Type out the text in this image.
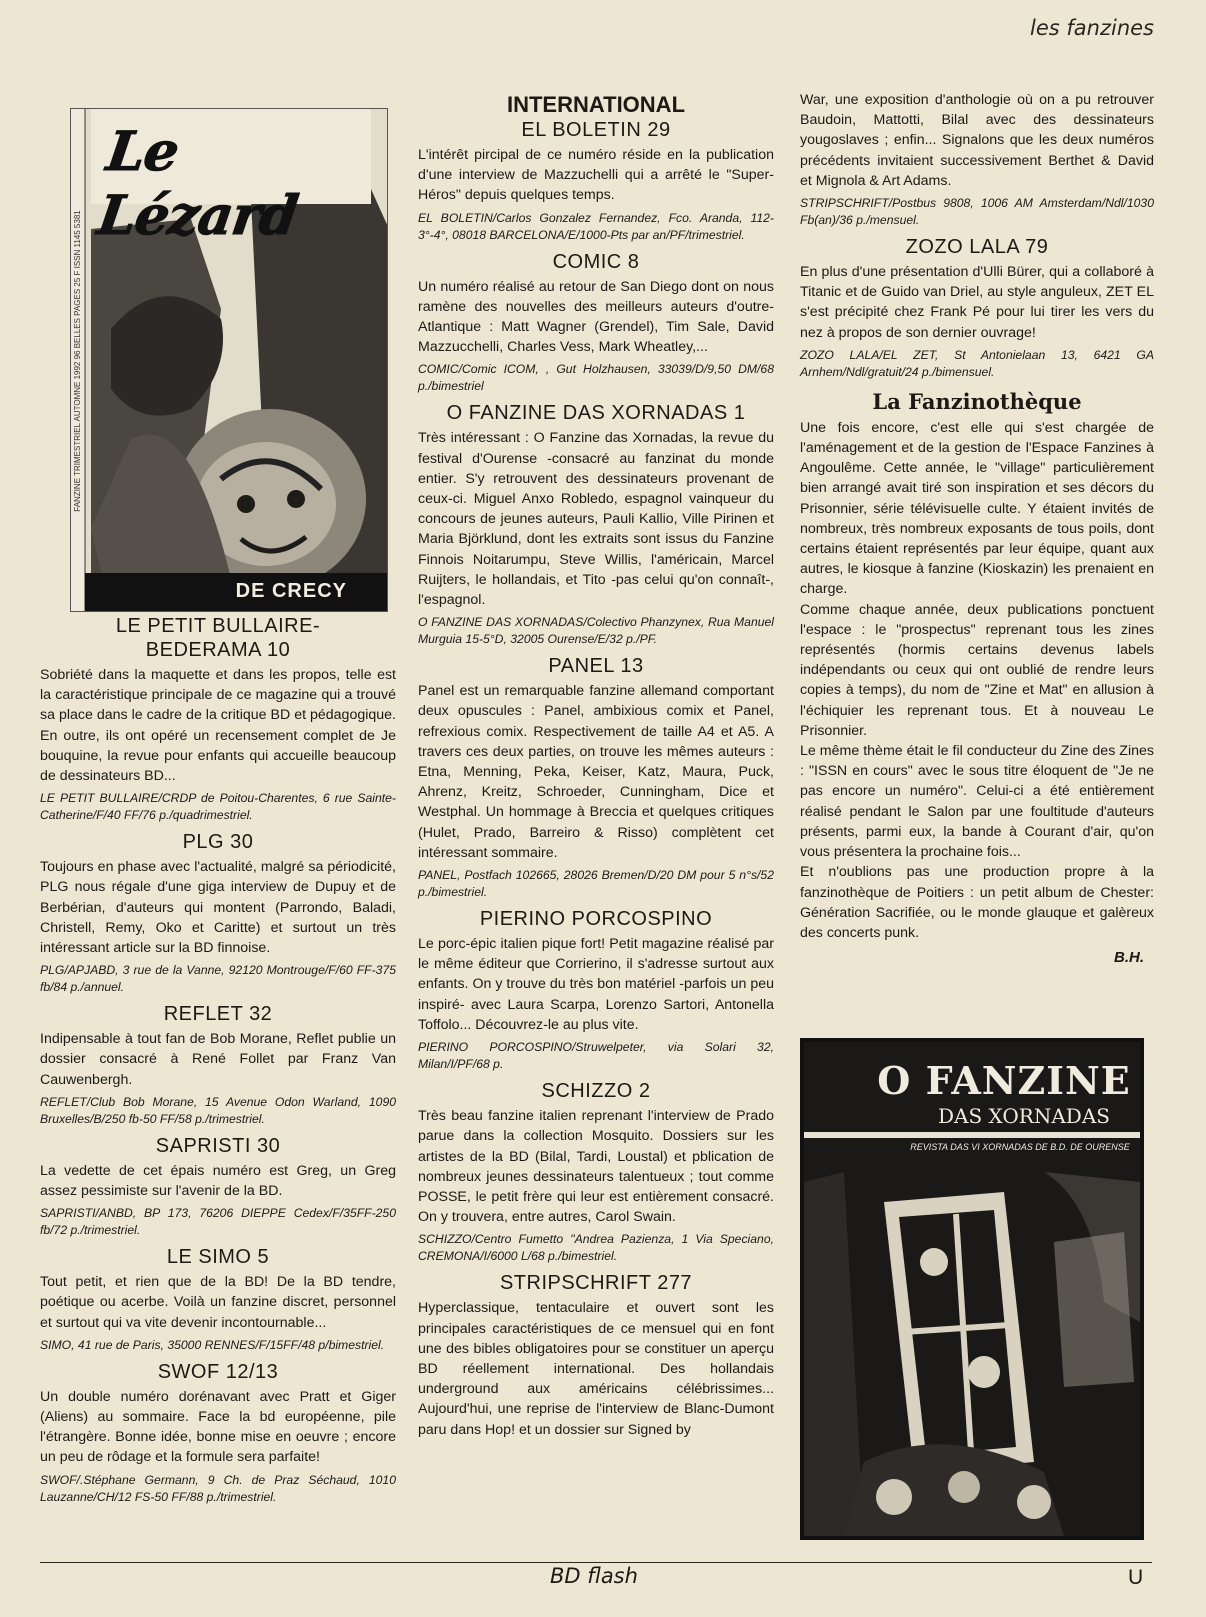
les fanzines
Le Lézard
DE CRECY
FANZINE TRIMESTRIEL AUTOMNE 1992 96 BELLES PAGES 25 F ISSN 1145 5381
LE PETIT BULLAIRE-
BEDERAMA 10

Sobriété dans la maquette et dans les propos, telle est la caractéristique principale de ce magazine qui a trouvé sa place dans le cadre de la critique BD et pédagogique. En outre, ils ont opéré un recensement complet de Je bouquine, la revue pour enfants qui accueille beaucoup de dessinateurs BD...

LE PETIT BULLAIRE/CRDP de Poitou-Charentes, 6 rue Sainte-Catherine/F/40 FF/76 p./quadrimestriel.

PLG 30

Toujours en phase avec l'actualité, malgré sa périodicité, PLG nous régale d'une giga interview de Dupuy et de Berbérian, d'auteurs qui montent (Parrondo, Baladi, Christell, Remy, Oko et Caritte) et surtout un très intéressant article sur la BD finnoise.

PLG/APJABD, 3 rue de la Vanne, 92120 Montrouge/F/60 FF-375 fb/84 p./annuel.

REFLET 32

Indipensable à tout fan de Bob Morane, Reflet publie un dossier consacré à René Follet par Franz Van Cauwenbergh.

REFLET/Club Bob Morane, 15 Avenue Odon Warland, 1090 Bruxelles/B/250 fb-50 FF/58 p./trimestriel.

SAPRISTI 30

La vedette de cet épais numéro est Greg, un Greg assez pessimiste sur l'avenir de la BD.

SAPRISTI/ANBD, BP 173, 76206 DIEPPE Cedex/F/35FF-250 fb/72 p./trimestriel.

LE SIMO 5

Tout petit, et rien que de la BD! De la BD tendre, poétique ou acerbe. Voilà un fanzine discret, personnel et surtout qui va vite devenir incontournable...

SIMO, 41 rue de Paris, 35000 RENNES/F/15FF/48 p/bimestriel.

SWOF 12/13

Un double numéro dorénavant avec Pratt et Giger (Aliens) au sommaire. Face la bd européenne, pile l'étrangère. Bonne idée, bonne mise en oeuvre ; encore un peu de rôdage et la formule sera parfaite!

SWOF/.Stéphane Germann, 9 Ch. de Praz Séchaud, 1010 Lauzanne/CH/12 FS-50 FF/88 p./trimestriel.

INTERNATIONAL
EL BOLETIN 29

L'intérêt pircipal de ce numéro réside en la publication d'une interview de Mazzuchelli qui a arrêté le "Super-Héros" depuis quelques temps.

EL BOLETIN/Carlos Gonzalez Fernandez, Fco. Aranda, 112-3°-4°, 08018 BARCELONA/E/1000-Pts par an/PF/trimestriel.

COMIC 8

Un numéro réalisé au retour de San Diego dont on nous ramène des nouvelles des meilleurs auteurs d'outre-Atlantique : Matt Wagner (Grendel), Tim Sale, David Mazzucchelli, Charles Vess, Mark Wheatley,...

COMIC/Comic ICOM, , Gut Holzhausen, 33039/D/9,50 DM/68 p./bimestriel

O FANZINE DAS XORNADAS 1

Très intéressant : O Fanzine das Xornadas, la revue du festival d'Ourense -consacré au fanzinat du monde entier. S'y retrouvent des dessinateurs provenant de ceux-ci. Miguel Anxo Robledo, espagnol vainqueur du concours de jeunes auteurs, Pauli Kallio, Ville Pirinen et Maria Björklund, dont les extraits sont issus du Fanzine Finnois Noitarumpu, Steve Willis, l'américain, Marcel Ruijters, le hollandais, et Tito -pas celui qu'on connaît-, l'espagnol.

O FANZINE DAS XORNADAS/Colectivo Phanzynex, Rua Manuel Murguia 15-5°D, 32005 Ourense/E/32 p./PF.

PANEL 13

Panel est un remarquable fanzine allemand comportant deux opuscules : Panel, ambixious comix et Panel, refrexious comix. Respectivement de taille A4 et A5. A travers ces deux parties, on trouve les mêmes auteurs : Etna, Menning, Peka, Keiser, Katz, Maura, Puck, Ahrenz, Kreitz, Schroeder, Cunningham, Dice et Westphal. Un hommage à Breccia et quelques critiques (Hulet, Prado, Barreiro & Risso) complètent cet intéressant sommaire.

PANEL, Postfach 102665, 28026 Bremen/D/20 DM pour 5 n°s/52 p./bimestriel.

PIERINO PORCOSPINO

Le porc-épic italien pique fort! Petit magazine réalisé par le même éditeur que Corrierino, il s'adresse surtout aux enfants. On y trouve du très bon matériel -parfois un peu inspiré- avec Laura Scarpa, Lorenzo Sartori, Antonella Toffolo... Découvrez-le au plus vite.

PIERINO PORCOSPINO/Struwelpeter, via Solari 32, Milan/I/PF/68 p.

SCHIZZO 2

Très beau fanzine italien reprenant l'interview de Prado parue dans la collection Mosquito. Dossiers sur les artistes de la BD (Bilal, Tardi, Loustal) et pblication de nombreux jeunes dessinateurs talentueux ; tout comme POSSE, le petit frère qui leur est entièrement consacré. On y trouvera, entre autres, Carol Swain.

SCHIZZO/Centro Fumetto "Andrea Pazienza, 1 Via Speciano, CREMONA/I/6000 L/68 p./bimestriel.

STRIPSCHRIFT 277

Hyperclassique, tentaculaire et ouvert sont les principales caractéristiques de ce mensuel qui en font une des bibles obligatoires pour se constituer un aperçu BD réellement international. Des hollandais underground aux américains célébrissimes... Aujourd'hui, une reprise de l'interview de Blanc-Dumont paru dans Hop! et un dossier sur Signed by

War, une exposition d'anthologie où on a pu retrouver Baudoin, Mattotti, Bilal avec des dessinateurs yougoslaves ; enfin... Signalons que les deux numéros précédents invitaient successivement Berthet & David et Mignola & Art Adams.

STRIPSCHRIFT/Postbus 9808, 1006 AM Amsterdam/Ndl/1030 Fb(an)/36 p./mensuel.

ZOZO LALA 79

En plus d'une présentation d'Ulli Bürer, qui a collaboré à Titanic et de Guido van Driel, au style anguleux, ZET EL s'est précipité chez Frank Pé pour lui tirer les vers du nez à propos de son dernier ouvrage!

ZOZO LALA/EL ZET, St Antonielaan 13, 6421 GA Arnhem/Ndl/gratuit/24 p./bimensuel.

La Fanzinothèque

Une fois encore, c'est elle qui s'est chargée de l'aménagement et de la gestion de l'Espace Fanzines à Angoulême. Cette année, le "village" particulièrement bien arrangé avait tiré son inspiration et ses décors du Prisonnier, série télévisuelle culte. Y étaient invités de nombreux, très nombreux exposants de tous poils, dont certains étaient représentés par leur équipe, quant aux autres, le kiosque à fanzine (Kioskazin) les prenaient en charge.

Comme chaque année, deux publications ponctuent l'espace : le "prospectus" reprenant tous les zines représentés (hormis certains devenus labels indépendants ou ceux qui ont oublié de rendre leurs copies à temps), du nom de "Zine et Mat" en allusion à l'échiquier les reprenant tous. Et à nouveau Le Prisonnier.

Le même thème était le fil conducteur du Zine des Zines : "ISSN en cours" avec le sous titre éloquent de "Je ne pas encore un numéro". Celui-ci a été entièrement réalisé pendant le Salon par une foultitude d'auteurs présents, parmi eux, la bande à Courant d'air, qu'on vous présentera la prochaine fois...

Et n'oublions pas une production propre à la fanzinothèque de Poitiers : un petit album de Chester: Génération Sacrifiée, ou le monde glauque et galèreux des concerts punk.

B.H.
O FANZINE
DAS XORNADAS
REVISTA DAS VI XORNADAS DE B.D. DE OURENSE
BD flash	U
